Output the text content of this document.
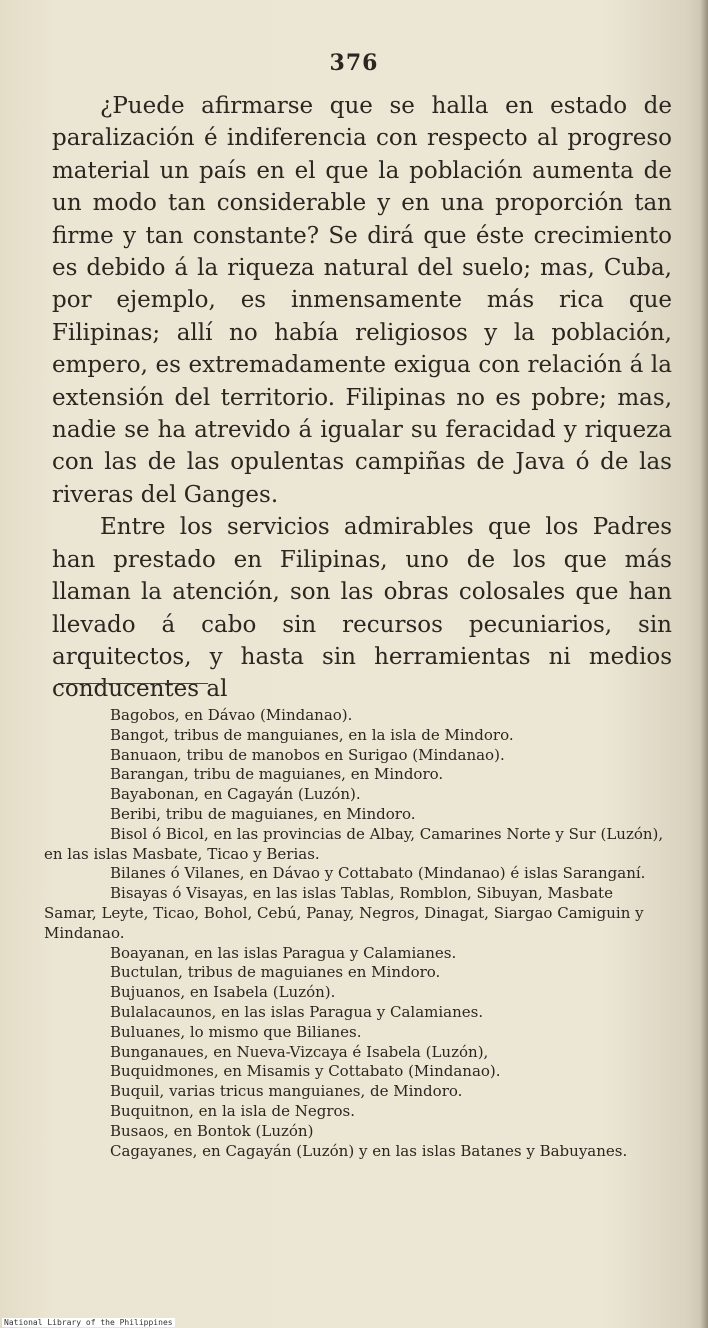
376

¿Puede afirmarse que se halla en estado de paralización é indiferencia con respecto al progreso material un país en el que la población aumenta de un modo tan considerable y en una proporción tan firme y tan constante? Se dirá que éste crecimiento es debido á la riqueza natural del suelo; mas, Cuba, por ejemplo, es inmensamente más rica que Filipinas; allí no había religiosos y la población, empero, es extremadamente exigua con relación á la extensión del territorio. Filipinas no es pobre; mas, nadie se ha atrevido á igualar su feracidad y riqueza con las de las opulentas campiñas de Java ó de las riveras del Ganges.

Entre los servicios admirables que los Padres han prestado en Filipinas, uno de los que más llaman la atención, son las obras colosales que han llevado á cabo sin recursos pecuniarios, sin arquitectos, y hasta sin herramientas ni medios conducentes al

Bagobos, en Dávao (Mindanao).
Bangot, tribus de manguianes, en la isla de Mindoro.
Banuaon, tribu de manobos en Surigao (Mindanao).
Barangan, tribu de maguianes, en Mindoro.
Bayabonan, en Cagayán (Luzón).
Beribi, tribu de maguianes, en Mindoro.
Bisol ó Bicol, en las provincias de Albay, Camarines Norte y Sur (Luzón), en las islas Masbate, Ticao y Berias.
Bilanes ó Vilanes, en Dávao y Cottabato (Mindanao) é islas Saranganí.
Bisayas ó Visayas, en las islas Tablas, Romblon, Sibuyan, Masbate Samar, Leyte, Ticao, Bohol, Cebú, Panay, Negros, Dinagat, Siargao Camiguin y Mindanao.
Boayanan, en las islas Paragua y Calamianes.
Buctulan, tribus de maguianes en Mindoro.
Bujuanos, en Isabela (Luzón).
Bulalacaunos, en las islas Paragua y Calamianes.
Buluanes, lo mismo que Bilianes.
Bunganaues, en Nueva-Vizcaya é Isabela (Luzón),
Buquidmones, en Misamis y Cottabato (Mindanao).
Buquil, varias tricus manguianes, de Mindoro.
Buquitnon, en la isla de Negros.
Busaos, en Bontok (Luzón)
Cagayanes, en Cagayán (Luzón) y en las islas Batanes y Babuyanes.
National Library of the Philippines
